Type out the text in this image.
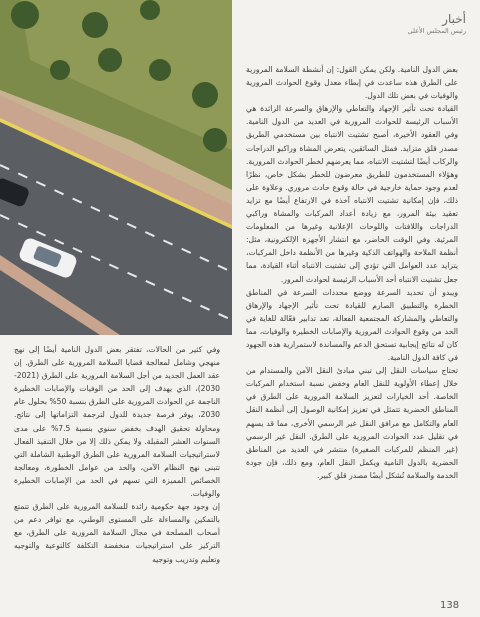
أخبار
رئيس المجلس الأعلى

بعض الدول النامية. ولكن يمكن القول: إن أنشطة السلامة المرورية على الطرق هذه ساعدت في إبطاء معدل وقوع الحوادث المرورية والوفيات في بعض تلك الدول.

القيادة تحت تأثير الإجهاد والتعاطي والإرهاق والسرعة الزائدة هي الأسباب الرئيسة للحوادث المرورية في العديد من الدول النامية. وفي العقود الأخيرة، أصبح تشتيت الانتباه بين مستخدمي الطريق مصدر قلق متزايد. فمثل السائقين، يتعرض المشاة وراكبو الدراجات والركاب أيضًا لتشتيت الانتباه، مما يعرضهم لخطر الحوادث المرورية. وهؤلاء المستخدمون للطريق معرضون للخطر بشكل خاص، نظرًا لعدم وجود حماية خارجية في حالة وقوع حادث مروري. وعلاوة على ذلك، فإن إمكانية تشتيت الانتباه آخذة في الارتفاع أيضًا مع تزايد تعقيد بيئة المرور، مع زيادة أعداد المركبات والمشاة وراكبي الدراجات واللافتات واللوحات الإعلانية وغيرها من المعلومات المرئية. وفي الوقت الحاضر، مع انتشار الأجهزة الإلكترونية، مثل: أنظمة الملاحة والهواتف الذكية وغيرها من الأنظمة داخل المركبات، يتزايد عدد العوامل التي تؤدي إلى تشتيت الانتباه أثناء القيادة، مما جعل تشتيت الانتباه أحد الأسباب الرئيسة لحوادث المرور.

ويبدو أن تحديد السرعة ووضع محددات السرعة في المناطق الخطرة والتطبيق الصارم للقيادة تحت تأثير الإجهاد والإرهاق والتعاطي والمشاركة المجتمعية الفعالة، تعد تدابير فعّالة للغاية في الحد من وقوع الحوادث المرورية والإصابات الخطيرة والوفيات، مما كان له نتائج إيجابية تستحق الدعم والمساندة لاستمرارية هذه الجهود في كافة الدول النامية.

تحتاج سياسات النقل إلى تبني مبادئ النقل الآمن والمستدام من خلال إعطاء الأولوية للنقل العام وخفض نسبة استخدام المركبات الخاصة. أحد الخيارات لتعزيز السلامة المرورية على الطرق في المناطق الحضرية تتمثل في تعزيز إمكانية الوصول إلى أنظمة النقل العام والتكامل مع مرافق النقل غير الرسمي الأخرى، مما قد يسهم في تقليل عدد الحوادث المرورية على الطرق. النقل غير الرسمي (غير المنظم للمركبات الصغيرة) منتشر في العديد من المناطق الحضرية بالدول النامية ويكمل النقل العام، ومع ذلك، فإن جودة الخدمة والسلامة تُشكل أيضًا مصدر قلق كبير.

وفي كثير من الحالات، تفتقر بعض الدول النامية أيضًا إلى نهج منهجي وشامل لمعالجة قضايا السلامة المرورية على الطرق. إن عقد العمل الجديد من أجل السلامة المرورية على الطرق (2021-2030)، الذي يهدف إلى الحد من الوفيات والإصابات الخطيرة الناجمة عن الحوادث المرورية على الطرق بنسبة 50% بحلول عام 2030، يوفر فرصة جديدة للدول لترجمة التزاماتها إلى نتائج. ومحاولة تحقيق الهدف بخفض سنوي بنسبة 7.5% على مدى السنوات العشر المقبلة. ولا يمكن ذلك إلا من خلال التنفيذ الفعال لاستراتيجيات السلامة المرورية على الطرق الوطنية الشاملة التي تتبنى نهج النظام الآمن، والحد من عوامل الخطورة، ومعالجة الخصائص المميزة التي تسهم في الحد من الإصابات الخطيرة والوفيات.

إن وجود جهة حكومية رائدة للسلامة المرورية على الطرق تتمتع بالتمكين والمساءلة على المستوى الوطني، مع توافر دعم من أصحاب المصلحة في مجال السلامة المرورية على الطرق، مع التركيز على استراتيجيات منخفضة التكلفة كالتوعية والتوجيه وتعليم وتدريب وتوجيه

138
